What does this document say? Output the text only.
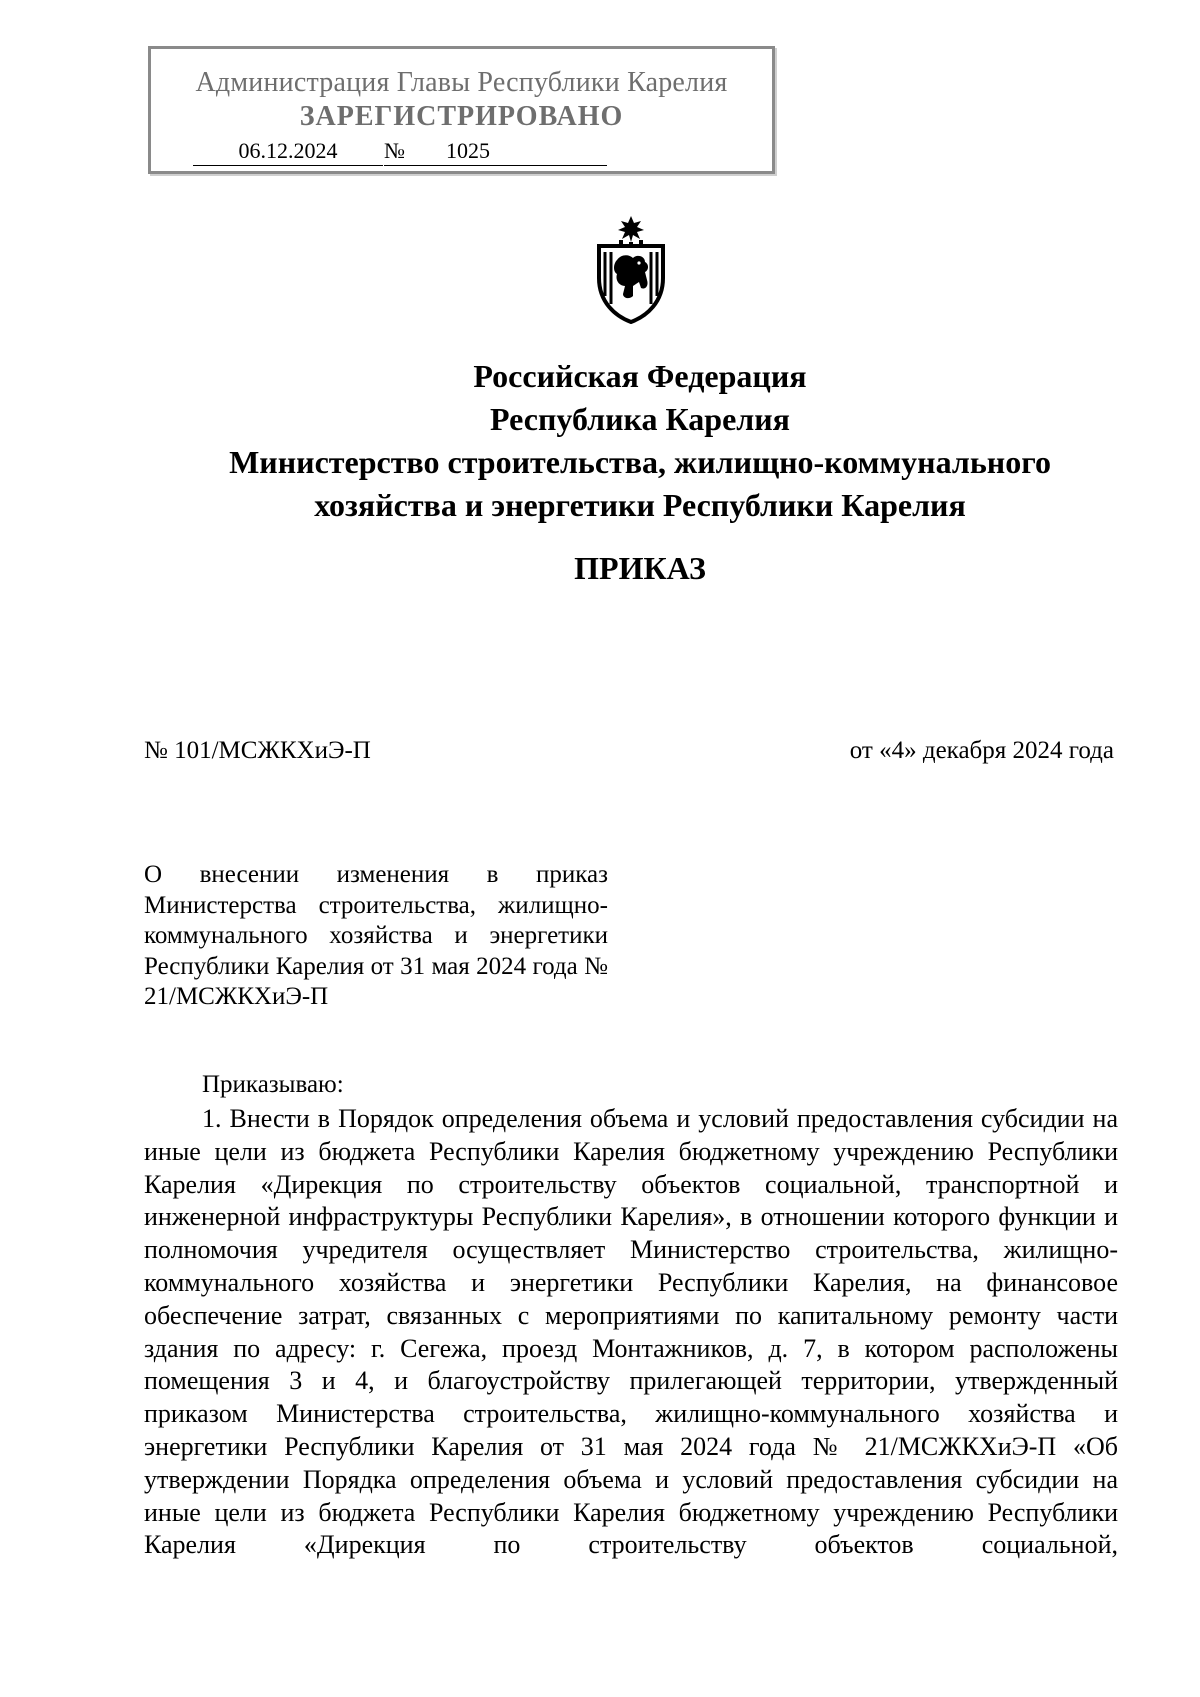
Администрация Главы Республики Карелия
ЗАРЕГИСТРИРОВАНО
06.12.2024	№	1025
Российская Федерация
Республика Карелия
Министерство строительства, жилищно-коммунального
хозяйства и энергетики Республики Карелия
ПРИКАЗ
№ 101/МСЖКХиЭ-П	от «4» декабря 2024 года
О внесении изменения в приказ Министерства строительства, жилищно-коммунального хозяйства и энергетики Республики Карелия от 31 мая 2024 года № 21/МСЖКХиЭ-П
Приказываю:
1. Внести в Порядок определения объема и условий предоставления субсидии на иные цели из бюджета Республики Карелия бюджетному учреждению Республики Карелия «Дирекция по строительству объектов социальной, транспортной и инженерной инфраструктуры Республики Карелия», в отношении которого функции и полномочия учредителя осуществляет Министерство строительства, жилищно-коммунального хозяйства и энергетики Республики Карелия, на финансовое обеспечение затрат, связанных с мероприятиями по капитальному ремонту части здания по адресу: г. Сегежа, проезд Монтажников, д. 7, в котором расположены помещения 3 и 4, и благоустройству прилегающей территории, утвержденный приказом Министерства строительства, жилищно-коммунального хозяйства и энергетики Республики Карелия от 31 мая 2024 года № 21/МСЖКХиЭ-П «Об утверждении Порядка определения объема и условий предоставления субсидии на иные цели из бюджета Республики Карелия бюджетному учреждению Республики Карелия «Дирекция по строительству объектов социальной,
